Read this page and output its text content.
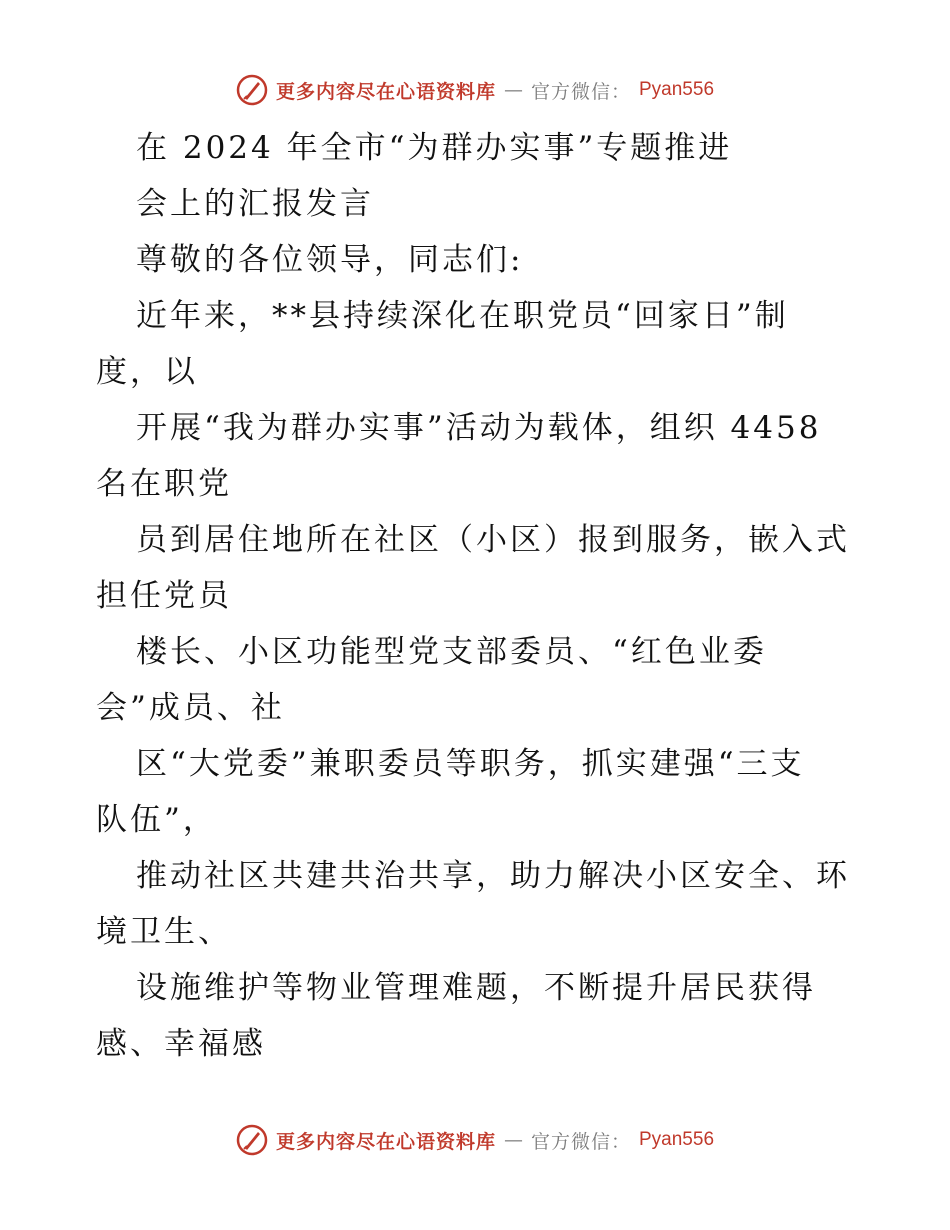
更多内容尽在心语资料库 — 官方微信： Pyan556
在 2024 年全市“为群办实事”专题推进
会上的汇报发言
尊敬的各位领导，同志们:
近年来，**县持续深化在职党员“回家日”制
度，以
开展“我为群办实事”活动为载体，组织 4458
名在职党
员到居住地所在社区（小区）报到服务，嵌入式
担任党员
楼长、小区功能型党支部委员、“红色业委
会”成员、社
区“大党委”兼职委员等职务，抓实建强“三支
队伍”，
推动社区共建共治共享，助力解决小区安全、环
境卫生、
设施维护等物业管理难题，不断提升居民获得
感、幸福感
更多内容尽在心语资料库 — 官方微信： Pyan556
